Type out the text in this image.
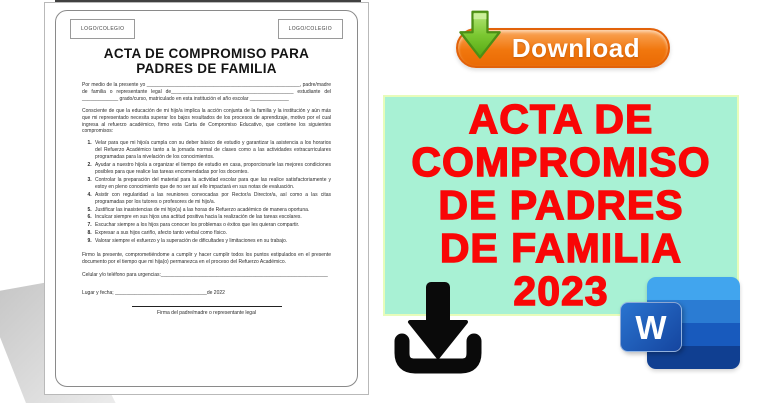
LOGO/COLEGIO	LOGO/COLEGIO
ACTA DE COMPROMISO PARA
PADRES DE FAMILIA

Por medio de la presente yo _______________________________________________________, padre/madre de familia o representante legal de____________________________________________ estudiante del _____________ grado/curso, matriculado en esta institución el año escolar ______________

Consciente de que la educación de mi hijo/a implica la acción conjunta de la familia y la institución y aún más que mi representado necesita superar los bajos resultados de los procesos de aprendizaje, motivo por el cual ingresa al refuerzo académico, firmo esta Carta de Compromiso Educativo, que contiene los siguientes compromisos:

1. Velar para que mi hijo/a cumpla con su deber básico de estudio y garantizar la asistencia a los horarios del Refuerzo Académico tanto a la jornada normal de clases como a las actividades extracurriculares programadas para la nivelación de los conocimientos.
2. Ayudar a nuestro hijo/a a organizar el tiempo de estudio en casa, proporcionarle las mejores condiciones posibles para que realice las tareas encomendadas por los docentes.
3. Controlar la preparación del material para la actividad escolar para que las realice satisfactoriamente y estoy en pleno conocimiento que de no ser así ello impactará en sus notas de evaluación.
4. Asistir con regularidad a las reuniones convocadas por Rector/a Director/a, así como a las citas programadas por los tutores o profesores de mi hijo/a.
5. Justificar las inasistencias de mi hijo(a) a las horas de Refuerzo académico de manera oportuna.
6. Inculcar siempre en sus hijos una actitud positiva hacia la realización de las tareas escolares.
7. Escuchar siempre a los hijos para conocer los problemas o éxitos que les quieran compartir.
8. Expresar a sus hijos cariño, afecto tanto verbal como físico.
9. Valorar siempre el esfuerzo y la superación de dificultades y limitaciones en su trabajo.

Firmo la presente, comprometiéndome a cumplir y hacer cumplir todos los puntos estipulados en el presente documento por el tiempo que mi hija(o) permanezca en el proceso del Refuerzo Académico.

Celular y/o teléfono para urgencias:____________________________________________________________

Lugar y fecha; _________________________________de 2022

Firma del padre/madre o representante legal
Download
ACTA DE
COMPROMISO
DE PADRES
DE FAMILIA
2023
W
